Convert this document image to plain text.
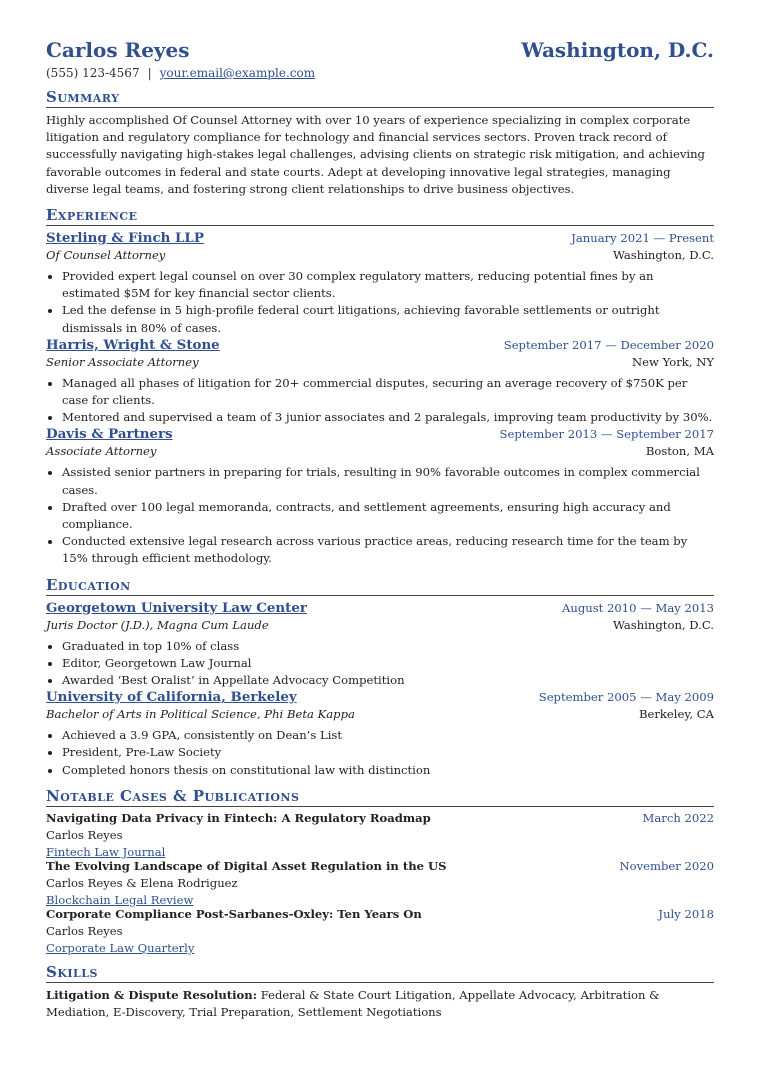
Carlos Reyes	Washington, D.C.
(555) 123-4567 | your.email@example.com
Summary
Highly accomplished Of Counsel Attorney with over 10 years of experience specializing in complex corporate litigation and regulatory compliance for technology and financial services sectors. Proven track record of successfully navigating high-stakes legal challenges, advising clients on strategic risk mitigation, and achieving favorable outcomes in federal and state courts. Adept at developing innovative legal strategies, managing diverse legal teams, and fostering strong client relationships to drive business objectives.
Experience
Sterling & Finch LLP	January 2021 — Present
Of Counsel Attorney	Washington, D.C.
• Provided expert legal counsel on over 30 complex regulatory matters, reducing potential fines by an estimated $5M for key financial sector clients.
• Led the defense in 5 high-profile federal court litigations, achieving favorable settlements or outright dismissals in 80% of cases.
Harris, Wright & Stone	September 2017 — December 2020
Senior Associate Attorney	New York, NY
• Managed all phases of litigation for 20+ commercial disputes, securing an average recovery of $750K per case for clients.
• Mentored and supervised a team of 3 junior associates and 2 paralegals, improving team productivity by 30%.
Davis & Partners	September 2013 — September 2017
Associate Attorney	Boston, MA
• Assisted senior partners in preparing for trials, resulting in 90% favorable outcomes in complex commercial cases.
• Drafted over 100 legal memoranda, contracts, and settlement agreements, ensuring high accuracy and compliance.
• Conducted extensive legal research across various practice areas, reducing research time for the team by 15% through efficient methodology.
Education
Georgetown University Law Center	August 2010 — May 2013
Juris Doctor (J.D.), Magna Cum Laude	Washington, D.C.
• Graduated in top 10% of class
• Editor, Georgetown Law Journal
• Awarded ‘Best Oralist’ in Appellate Advocacy Competition
University of California, Berkeley	September 2005 — May 2009
Bachelor of Arts in Political Science, Phi Beta Kappa	Berkeley, CA
• Achieved a 3.9 GPA, consistently on Dean’s List
• President, Pre-Law Society
• Completed honors thesis on constitutional law with distinction
Notable Cases & Publications
Navigating Data Privacy in Fintech: A Regulatory Roadmap	March 2022
Carlos Reyes
Fintech Law Journal
The Evolving Landscape of Digital Asset Regulation in the US	November 2020
Carlos Reyes & Elena Rodriguez
Blockchain Legal Review
Corporate Compliance Post-Sarbanes-Oxley: Ten Years On	July 2018
Carlos Reyes
Corporate Law Quarterly
Skills
Litigation & Dispute Resolution: Federal & State Court Litigation, Appellate Advocacy, Arbitration & Mediation, E-Discovery, Trial Preparation, Settlement Negotiations
